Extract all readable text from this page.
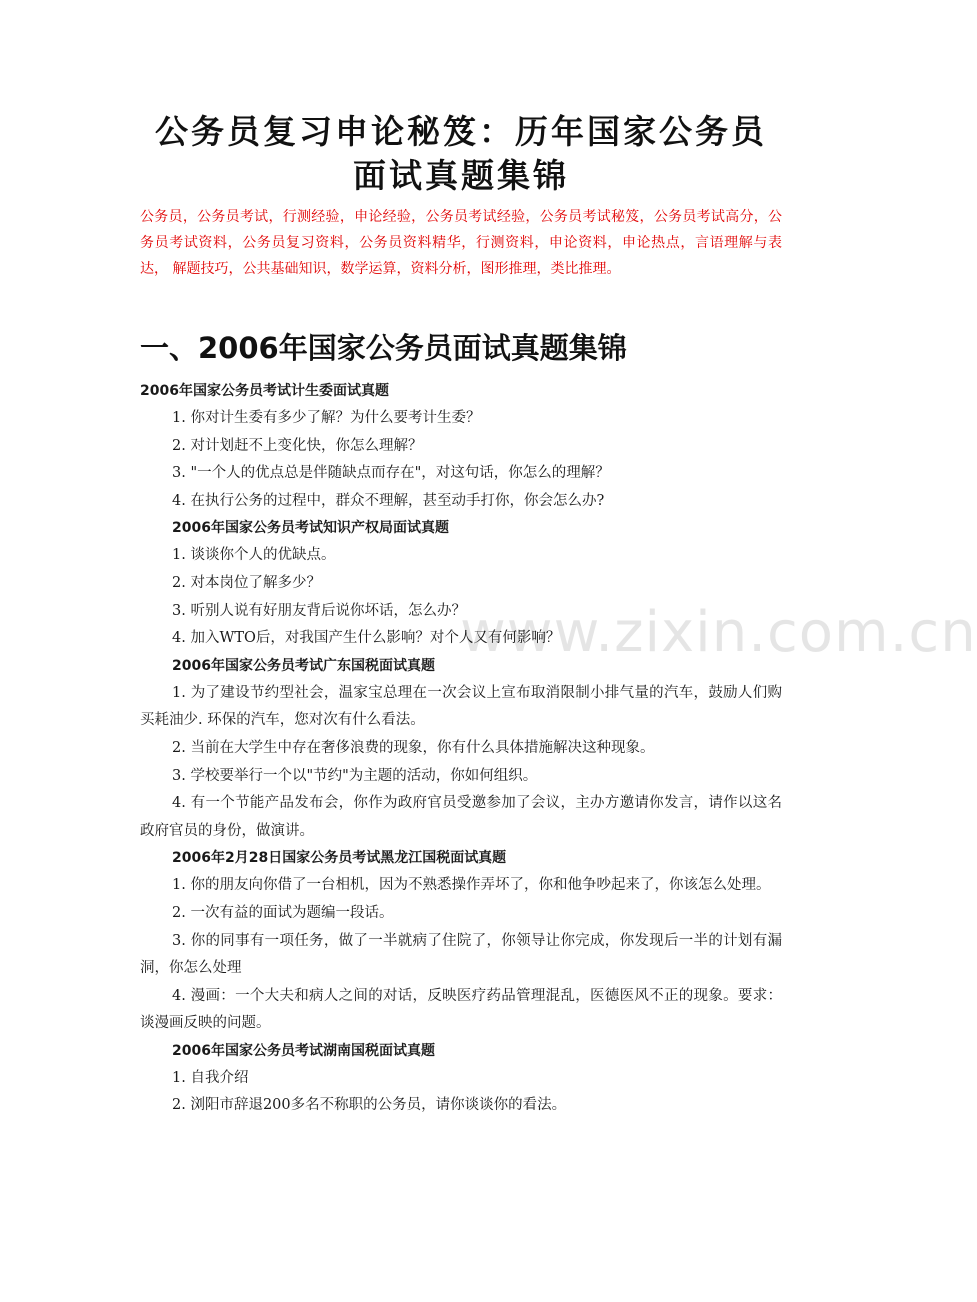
公务员复习申论秘笈：历年国家公务员面试真题集锦

公务员，公务员考试，行测经验，申论经验，公务员考试经验，公务员考试秘笈，公务员考试高分，公务员考试资料，公务员复习资料，公务员资料精华，行测资料，申论资料，申论热点，言语理解与表达， 解题技巧，公共基础知识，数学运算，资料分析，图形推理，类比推理。

一、2006年国家公务员面试真题集锦

2006年国家公务员考试计生委面试真题

1. 你对计生委有多少了解？为什么要考计生委？

2. 对计划赶不上变化快，你怎么理解？

3. "一个人的优点总是伴随缺点而存在"，对这句话，你怎么的理解？

4. 在执行公务的过程中，群众不理解，甚至动手打你，你会怎么办?

2006年国家公务员考试知识产权局面试真题

1. 谈谈你个人的优缺点。

2. 对本岗位了解多少？

3. 听别人说有好朋友背后说你坏话，怎么办？

4. 加入WTO后，对我国产生什么影响？对个人又有何影响？

2006年国家公务员考试广东国税面试真题

1. 为了建设节约型社会，温家宝总理在一次会议上宣布取消限制小排气量的汽车，鼓励人们购买耗油少. 环保的汽车，您对次有什么看法。

2. 当前在大学生中存在奢侈浪费的现象，你有什么具体措施解决这种现象。

3. 学校要举行一个以"节约"为主题的活动，你如何组织。

4. 有一个节能产品发布会，你作为政府官员受邀参加了会议，主办方邀请你发言，请作以这名政府官员的身份，做演讲。

2006年2月28日国家公务员考试黑龙江国税面试真题

1. 你的朋友向你借了一台相机，因为不熟悉操作弄坏了，你和他争吵起来了，你该怎么处理。

2. 一次有益的面试为题编一段话。

3. 你的同事有一项任务，做了一半就病了住院了，你领导让你完成，你发现后一半的计划有漏洞，你怎么处理

4. 漫画：一个大夫和病人之间的对话，反映医疗药品管理混乱，医德医风不正的现象。要求：谈漫画反映的问题。

2006年国家公务员考试湖南国税面试真题

1. 自我介绍

2. 浏阳市辞退200多名不称职的公务员，请你谈谈你的看法。

www.zixin.com.cn
